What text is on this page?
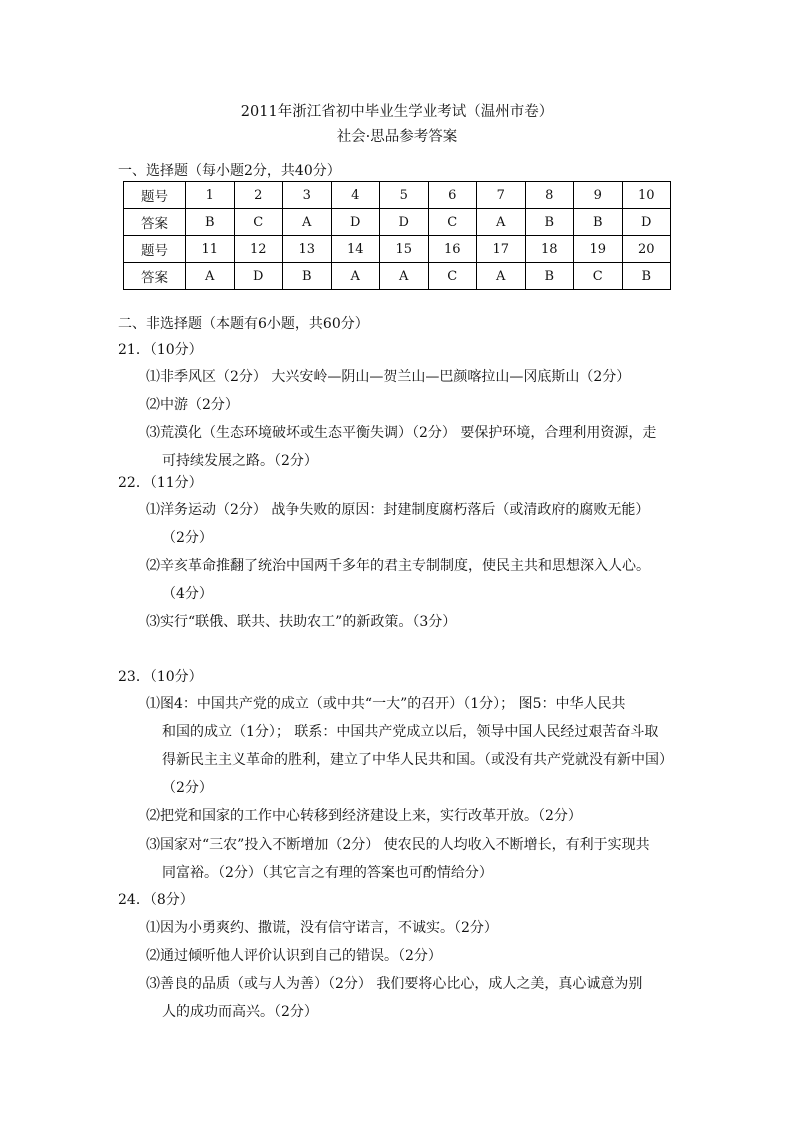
2011年浙江省初中毕业生学业考试（温州市卷）
社会·思品参考答案
一、选择题（每小题2分，共40分）
题号	1	2	3	4	5	6	7	8	9	10
答案	B	C	A	D	D	C	A	B	B	D
题号	11	12	13	14	15	16	17	18	19	20
答案	A	D	B	A	A	C	A	B	C	B
二、非选择题（本题有6小题，共60分）
21．（10分）
⑴非季风区（2分） 大兴安岭—阴山—贺兰山—巴颜喀拉山—冈底斯山（2分）
⑵中游（2分）
⑶荒漠化（生态环境破坏或生态平衡失调）（2分） 要保护环境，合理利用资源，走
可持续发展之路。（2分）
22．（11分）
⑴洋务运动（2分） 战争失败的原因：封建制度腐朽落后（或清政府的腐败无能）
（2分）
⑵辛亥革命推翻了统治中国两千多年的君主专制制度，使民主共和思想深入人心。
（4分）
⑶实行“联俄、联共、扶助农工”的新政策。（3分）
23．（10分）
⑴图4：中国共产党的成立（或中共“一大”的召开）（1分）； 图5：中华人民共
和国的成立（1分）； 联系：中国共产党成立以后，领导中国人民经过艰苦奋斗取
得新民主主义革命的胜利，建立了中华人民共和国。（或没有共产党就没有新中国）
（2分）
⑵把党和国家的工作中心转移到经济建设上来，实行改革开放。（2分）
⑶国家对“三农”投入不断增加（2分） 使农民的人均收入不断增长，有利于实现共
同富裕。（2分）（其它言之有理的答案也可酌情给分）
24．（8分）
⑴因为小勇爽约、撒谎，没有信守诺言，不诚实。（2分）
⑵通过倾听他人评价认识到自己的错误。（2分）
⑶善良的品质（或与人为善）（2分） 我们要将心比心，成人之美，真心诚意为别
人的成功而高兴。（2分）
